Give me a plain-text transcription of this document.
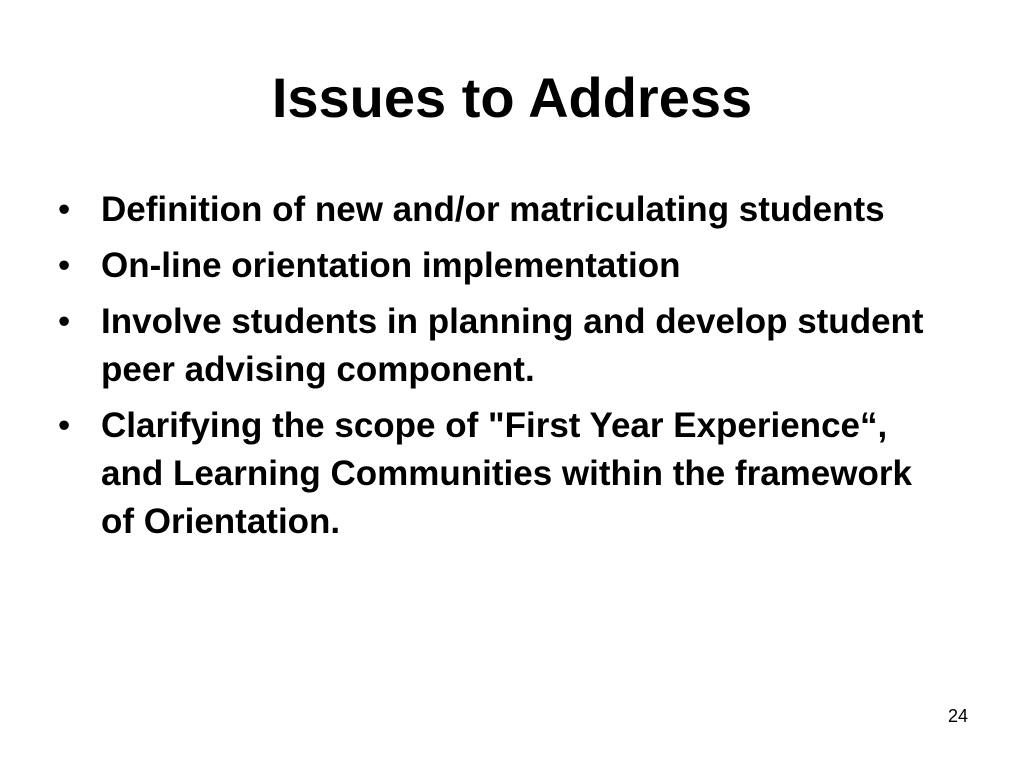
Issues to Address
• Definition of new and/or matriculating students
• On-line orientation implementation
• Involve students in planning and develop student peer advising component.
• Clarifying the scope of "First Year Experience“, and Learning Communities within the framework of Orientation.
24
